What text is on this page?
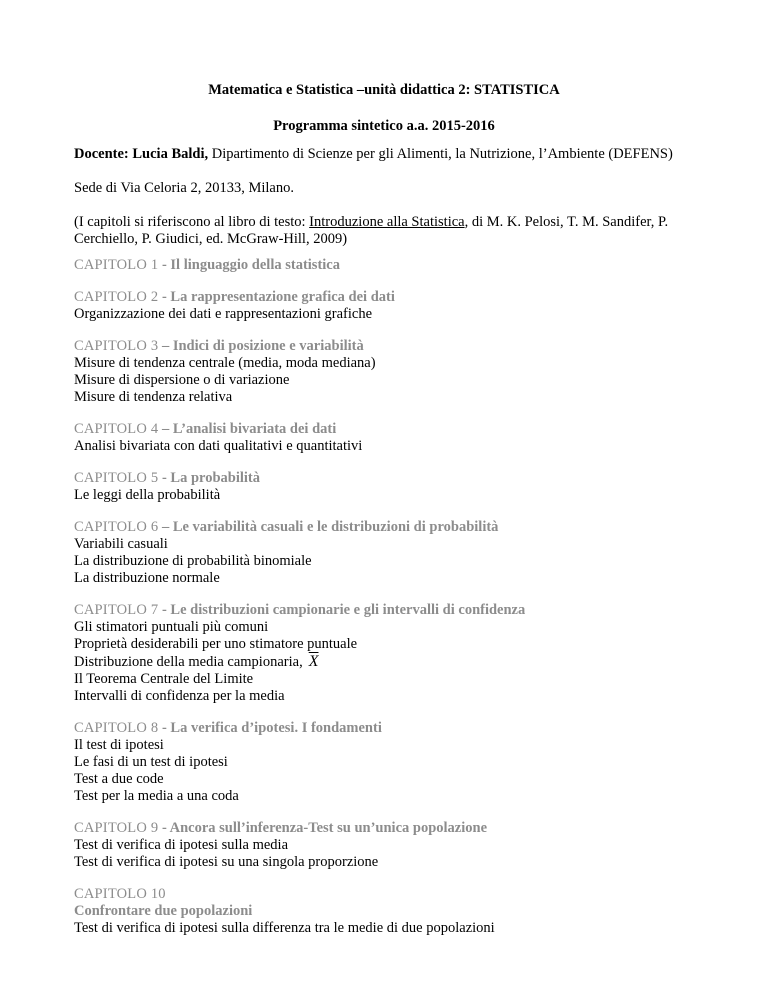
Matematica e Statistica –unità didattica 2: STATISTICA
Programma sintetico a.a. 2015-2016
Docente: Lucia Baldi, Dipartimento di Scienze per gli Alimenti, la Nutrizione, l’Ambiente (DEFENS)
Sede di Via Celoria 2, 20133, Milano.
(I capitoli si riferiscono al libro di testo: Introduzione alla Statistica, di M. K. Pelosi, T. M. Sandifer, P. Cerchiello, P. Giudici, ed. McGraw-Hill, 2009)
CAPITOLO 1 - Il linguaggio della statistica
CAPITOLO 2 - La rappresentazione grafica dei dati
Organizzazione dei dati e rappresentazioni grafiche
CAPITOLO 3 – Indici di posizione e variabilità
Misure di tendenza centrale (media, moda mediana)
Misure di dispersione o di variazione
Misure di tendenza relativa
CAPITOLO 4 – L’analisi bivariata dei dati
Analisi bivariata con dati qualitativi e quantitativi
CAPITOLO 5 - La probabilità
Le leggi della probabilità
CAPITOLO 6 – Le variabilità casuali e le distribuzioni di probabilità
Variabili casuali
La distribuzione di probabilità binomiale
La distribuzione normale
CAPITOLO 7 - Le distribuzioni campionarie e gli intervalli di confidenza
Gli stimatori puntuali più comuni
Proprietà desiderabili per uno stimatore puntuale
Distribuzione della media campionaria, $\overline{X}$
Il Teorema Centrale del Limite
Intervalli di confidenza per la media
CAPITOLO 8 - La verifica d’ipotesi. I fondamenti
Il test di ipotesi
Le fasi di un test di ipotesi
Test a due code
Test per la media a una coda
CAPITOLO 9 - Ancora sull’inferenza-Test su un’unica popolazione
Test di verifica di ipotesi sulla media
Test di verifica di ipotesi su una singola proporzione
CAPITOLO 10
Confrontare due popolazioni
Test di verifica di ipotesi sulla differenza tra le medie di due popolazioni
